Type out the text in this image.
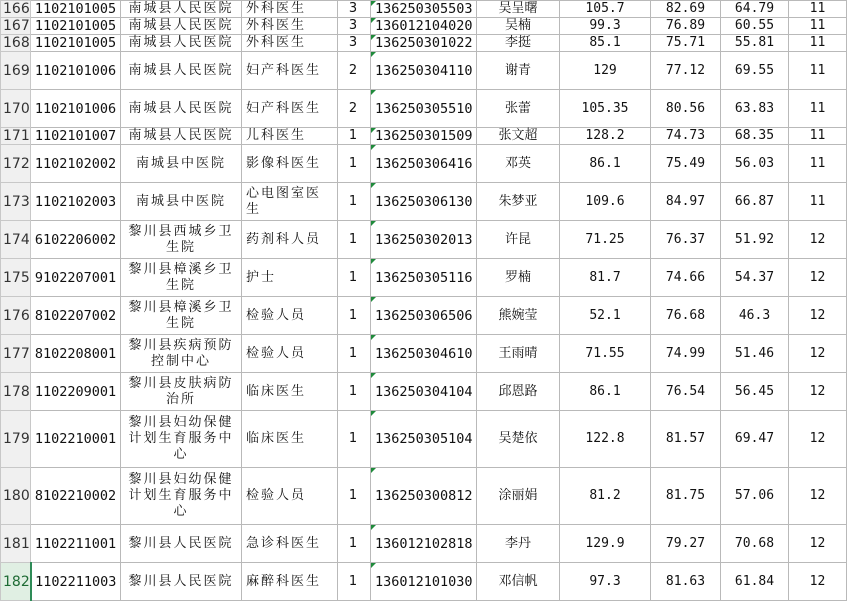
166	1102101005	南城县人民医院	外科医生	3	136250305503	吴呈曙	105.7	82.69	64.79	11
167	1102101005	南城县人民医院	外科医生	3	136012104020	吴楠	99.3	76.89	60.55	11
168	1102101005	南城县人民医院	外科医生	3	136250301022	李挺	85.1	75.71	55.81	11
169	1102101006	南城县人民医院	妇产科医生	2	136250304110	谢青	129	77.12	69.55	11
170	1102101006	南城县人民医院	妇产科医生	2	136250305510	张蕾	105.35	80.56	63.83	11
171	1102101007	南城县人民医院	儿科医生	1	136250301509	张文超	128.2	74.73	68.35	11
172	1102102002	南城县中医院	影像科医生	1	136250306416	邓英	86.1	75.49	56.03	11
173	1102102003	南城县中医院	心电图室医生	1	136250306130	朱梦亚	109.6	84.97	66.87	11
174	6102206002	黎川县西城乡卫生院	药剂科人员	1	136250302013	许昆	71.25	76.37	51.92	12
175	9102207001	黎川县樟溪乡卫生院	护士	1	136250305116	罗楠	81.7	74.66	54.37	12
176	8102207002	黎川县樟溪乡卫生院	检验人员	1	136250306506	熊婉莹	52.1	76.68	46.3	12
177	8102208001	黎川县疾病预防控制中心	检验人员	1	136250304610	王雨晴	71.55	74.99	51.46	12
178	1102209001	黎川县皮肤病防治所	临床医生	1	136250304104	邱恩路	86.1	76.54	56.45	12
179	1102210001	黎川县妇幼保健计划生育服务中心	临床医生	1	136250305104	吴楚依	122.8	81.57	69.47	12
180	8102210002	黎川县妇幼保健计划生育服务中心	检验人员	1	136250300812	涂丽娟	81.2	81.75	57.06	12
181	1102211001	黎川县人民医院	急诊科医生	1	136012102818	李丹	129.9	79.27	70.68	12
182	1102211003	黎川县人民医院	麻醉科医生	1	136012101030	邓信帆	97.3	81.63	61.84	12
